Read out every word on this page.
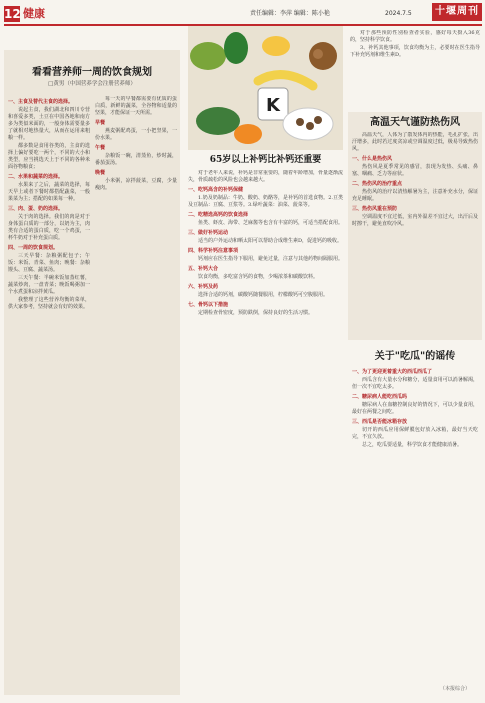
12 健康	责任编辑：李萍 编辑：陈小艳	2024.7.5	十堰周刊
看看营养师一周的饮食规划
□黄男（中国营养学会注册营养师）

一、主食及替代主食的选择。

说起主食，我们湖北和四川专营和喜爱多类，土豆在中国各地和南方多为类似米面的，一般身体需要量多了就相对地热量大，从而在运用来粗粮一样。

都多数是食用谷类的，主食的选择上偏好要吃一两个，不同的大小和类型，应当挑选天上于不同的各种米面谷物粮食；

二、水果和蔬菜的选择。

水果来了之后，蔬菜的选择，每天早上或者下餐时都搭配蔬菜，一般果菜为主；搭配的如果每一种。

三、肉、蛋、奶的选择。

关于肉的选择。我们的肉是对于身体蛋白质的一部分，以奶为主，肉类有合适的蛋白质，吃一个鸡蛋，一杯牛奶对于补充蛋白质。

四、一周的饮食规划。

三天早餐：杂粮粥配包子；午饭：米饭、青菜、鱼肉；晚餐：杂粮馒头、豆腐、蔬菜汤。

三天午餐：半碗米饭加蒸红薯，蔬菜炒肉，一盘青菜；晚饭喝粥加一个水煮蛋和凉拌黄瓜。

我整理了这些营养均衡的菜单，供大家参考，坚持就会有好的效果。

每一天的早餐都需要有优质的蛋白质，新鲜的蔬菜，全谷物和适量的坚果，才能保证一天所需。

早餐

燕麦粥配鸡蛋，一小把坚果，一份水果。

午餐

杂粮饭一碗，清蒸鱼，炒时蔬，番茄蛋汤。

晚餐

小米粥，凉拌菠菜，豆腐，少量瘦肉。

K
65岁以上补钙比补钙还重要

对于老年人来说，补钙是非常重要的，随着年龄增加，骨量逐渐流失，骨质疏松的风险也会越来越大。

一、吃钙高含的补钙保健

1.奶及奶制品：牛奶、酸奶、奶酪等，是补钙的首选食物。2.豆类及豆制品：豆腐、豆浆等。3.绿叶蔬菜：油菜、菠菜等。

二、吃精选高钙的饮食选择

鱼类、虾皮、海带、芝麻酱等也含有丰富的钙，可适当搭配食用。

三、做好补钙运动

适当的户外运动和晒太阳可以帮助合成维生素D，促进钙的吸收。

四、科学补钙注意事项

钙剂应在医生指导下服用，避免过量，注意与其他药物间隔服用。

五、补钙大合

饮食均衡，多吃富含钙的食物，少喝浓茶和碳酸饮料。

六、补钙及药

选择合适的钙剂，碳酸钙随餐服用，柠檬酸钙可空腹服用。

七、骨钙以下措施

定期检查骨密度，预防跌倒，保持良好的生活习惯。

对于那些预防性别检查者实验，感好每天摄入36克的，坚持科学饮食。

3、补钙其他事项，饮食均衡为主，必要时在医生指导下补充钙剂和维生素D。

高温天气谨防热伤风

高温天气，人体为了散发体内的热能，毛孔扩张，出汗增多，此时若过度贪凉或空调温度过低，极易导致热伤风。

一、什么是热伤风

热伤风是夏季常见的感冒，表现为发热、头痛、鼻塞、咽痛、乏力等症状。

二、热伤风的治疗重点

热伤风的治疗以清热解暑为主，注意补充水分，保证充足睡眠。

三、热伤风重在预防

空调温度不宜过低，室内外温差不宜过大，出汗后及时擦干，避免直吹冷风。

关于"吃瓜"的谣传

一、为了更迎更着重大的西瓜西瓜了

西瓜含有大量水分和糖分，适量食用可以消暑解渴，但一次不宜吃太多。

二、糖尿病人能吃西瓜吗

糖尿病人在血糖控制良好的情况下，可以少量食用，最好在两餐之间吃。

三、西瓜是否能冰箱存放

切开的西瓜应用保鲜膜包好放入冰箱，最好当天吃完，不宜久放。

总之，吃瓜要适量，科学饮食才能健康消暑。

（本报综合）
